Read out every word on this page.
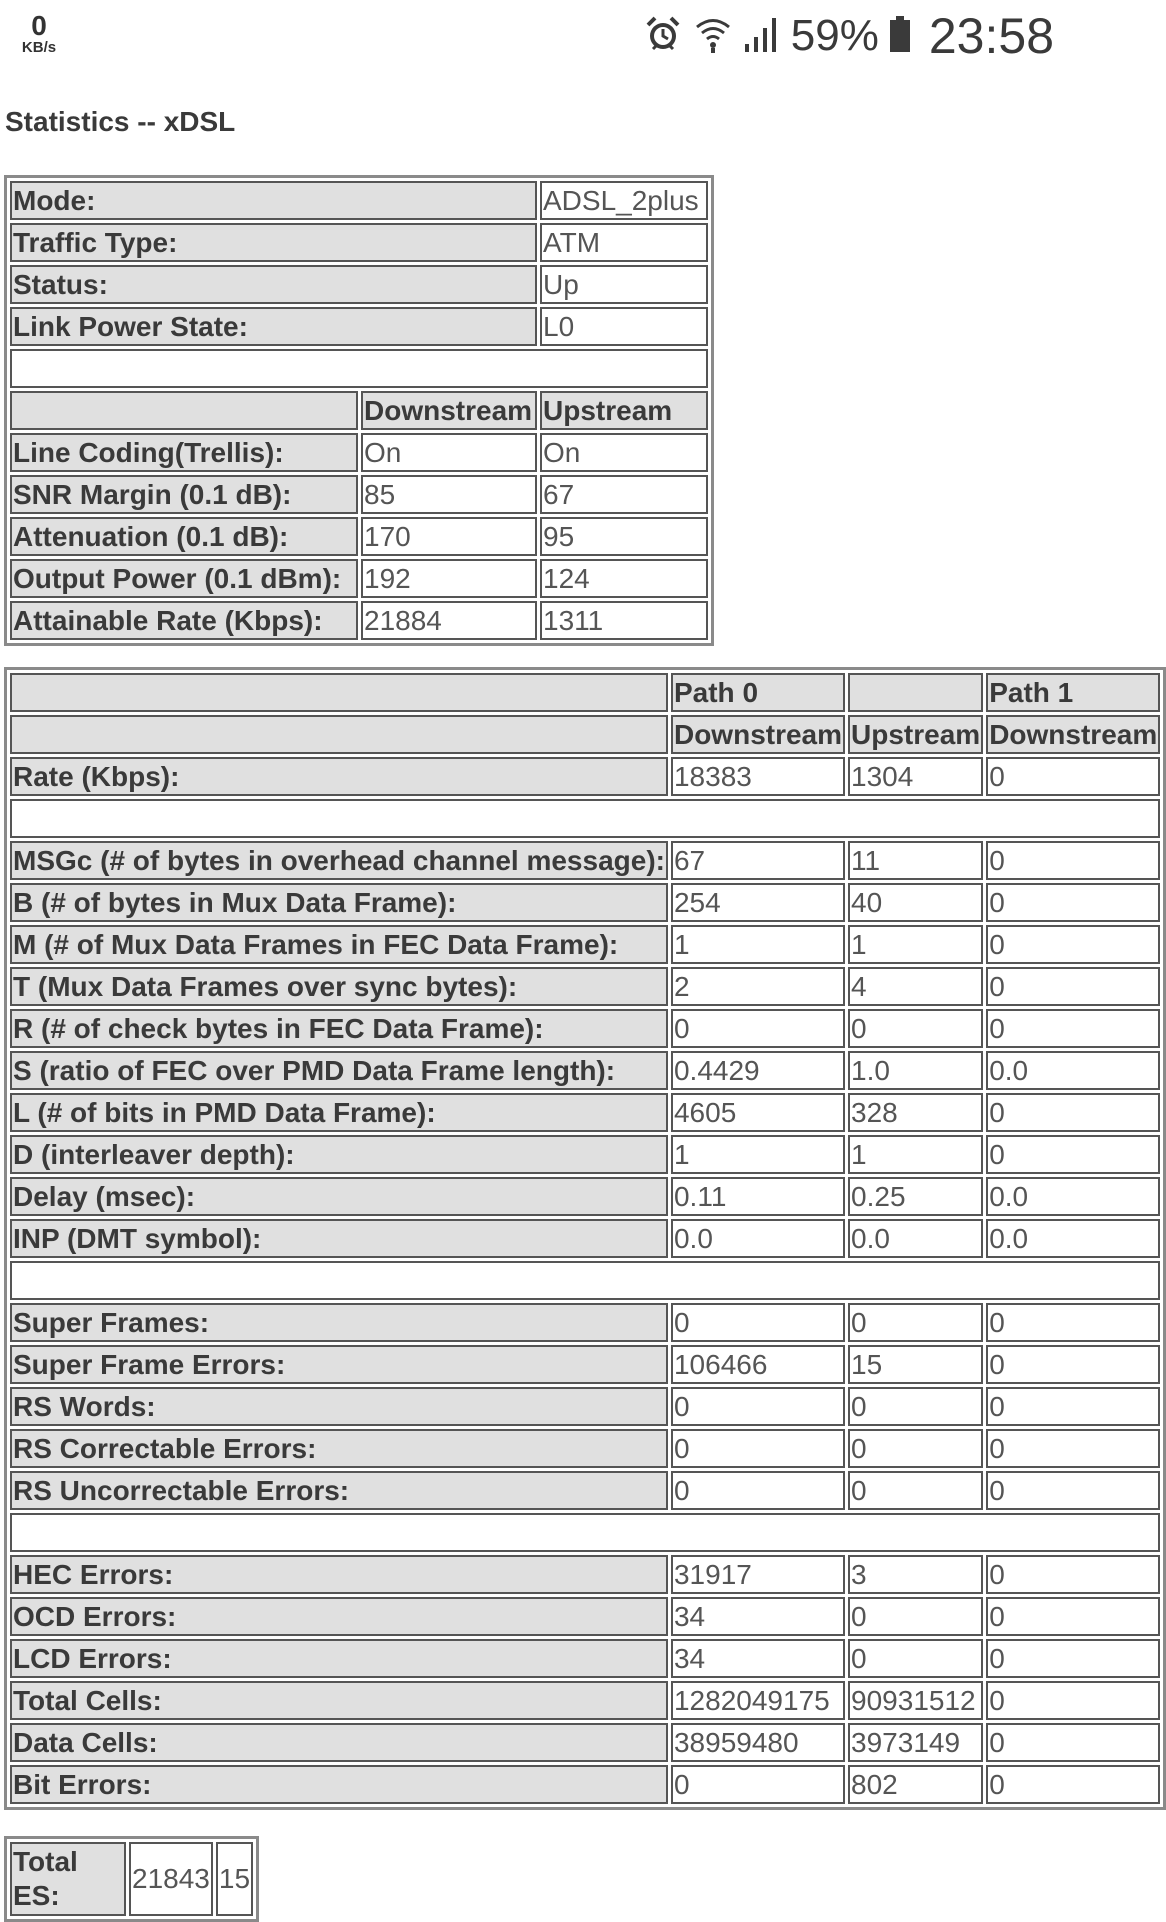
0
KB/s	59% 23:58
Statistics -- xDSL
Mode:		ADSL_2plus
Traffic Type:		ATM
Status:		Up
Link Power State:		L0

	Downstream	Upstream
Line Coding(Trellis):	On	On
SNR Margin (0.1 dB):	85	67
Attenuation (0.1 dB):	170	95
Output Power (0.1 dBm):	192	124
Attainable Rate (Kbps):	21884	1311
	Path 0		Path 1
	Downstream	Upstream	Downstream
Rate (Kbps):	18383	1304	0

MSGc (# of bytes in overhead channel message):	67	11	0
B (# of bytes in Mux Data Frame):	254	40	0
M (# of Mux Data Frames in FEC Data Frame):	1	1	0
T (Mux Data Frames over sync bytes):	2	4	0
R (# of check bytes in FEC Data Frame):	0	0	0
S (ratio of FEC over PMD Data Frame length):	0.4429	1.0	0.0
L (# of bits in PMD Data Frame):	4605	328	0
D (interleaver depth):	1	1	0
Delay (msec):	0.11	0.25	0.0
INP (DMT symbol):	0.0	0.0	0.0

Super Frames:	0	0	0
Super Frame Errors:	106466	15	0
RS Words:	0	0	0
RS Correctable Errors:	0	0	0
RS Uncorrectable Errors:	0	0	0

HEC Errors:	31917	3	0
OCD Errors:	34	0	0
LCD Errors:	34	0	0
Total Cells:	1282049175	90931512	0
Data Cells:	38959480	3973149	0
Bit Errors:	0	802	0
Total ES:	21843	15
